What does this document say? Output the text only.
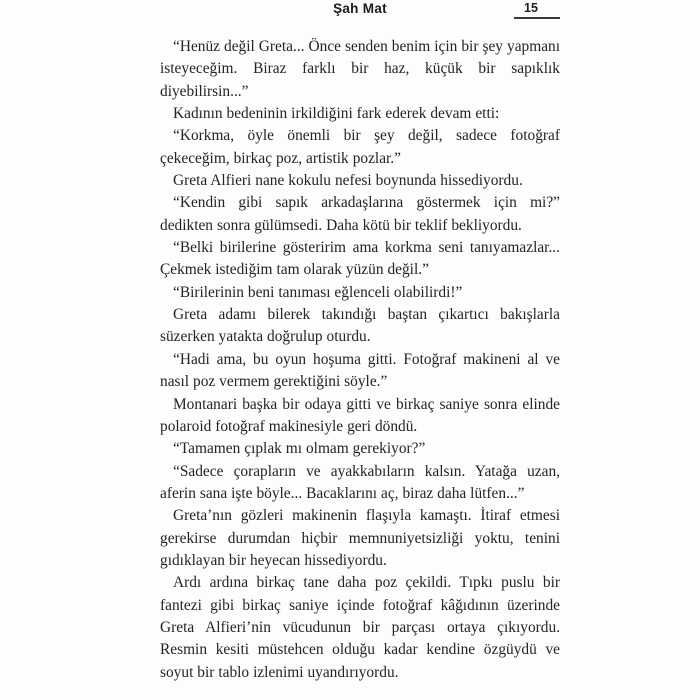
Şah Mat	15

“Henüz değil Greta... Önce senden benim için bir şey yapmanı isteyeceğim. Biraz farklı bir haz, küçük bir sapıklık diyebilirsin...”

Kadının bedeninin irkildiğini fark ederek devam etti:

“Korkma, öyle önemli bir şey değil, sadece fotoğraf çekeceğim, birkaç poz, artistik pozlar.”

Greta Alfieri nane kokulu nefesi boynunda hissediyordu.

“Kendin gibi sapık arkadaşlarına göstermek için mi?” dedikten sonra gülümsedi. Daha kötü bir teklif bekliyordu.

“Belki birilerine gösteririm ama korkma seni tanıyamazlar... Çekmek istediğim tam olarak yüzün değil.”

“Birilerinin beni tanıması eğlenceli olabilirdi!”

Greta adamı bilerek takındığı baştan çıkartıcı bakışlarla süzerken yatakta doğrulup oturdu.

“Hadi ama, bu oyun hoşuma gitti. Fotoğraf makineni al ve nasıl poz vermem gerektiğini söyle.”

Montanari başka bir odaya gitti ve birkaç saniye sonra elinde polaroid fotoğraf makinesiyle geri döndü.

“Tamamen çıplak mı olmam gerekiyor?”

“Sadece çorapların ve ayakkabıların kalsın. Yatağa uzan, aferin sana işte böyle... Bacaklarını aç, biraz daha lütfen...”

Greta’nın gözleri makinenin flaşıyla kamaştı. İtiraf etmesi gerekirse durumdan hiçbir memnuniyetsizliği yoktu, tenini gıdıklayan bir heyecan hissediyordu.

Ardı ardına birkaç tane daha poz çekildi. Tıpkı puslu bir fantezi gibi birkaç saniye içinde fotoğraf kâğıdının üzerinde Greta Alfieri’nin vücudunun bir parçası ortaya çıkıyordu. Resmin kesiti müstehcen olduğu kadar kendine özgüydü ve soyut bir tablo izlenimi uyandırıyordu.
